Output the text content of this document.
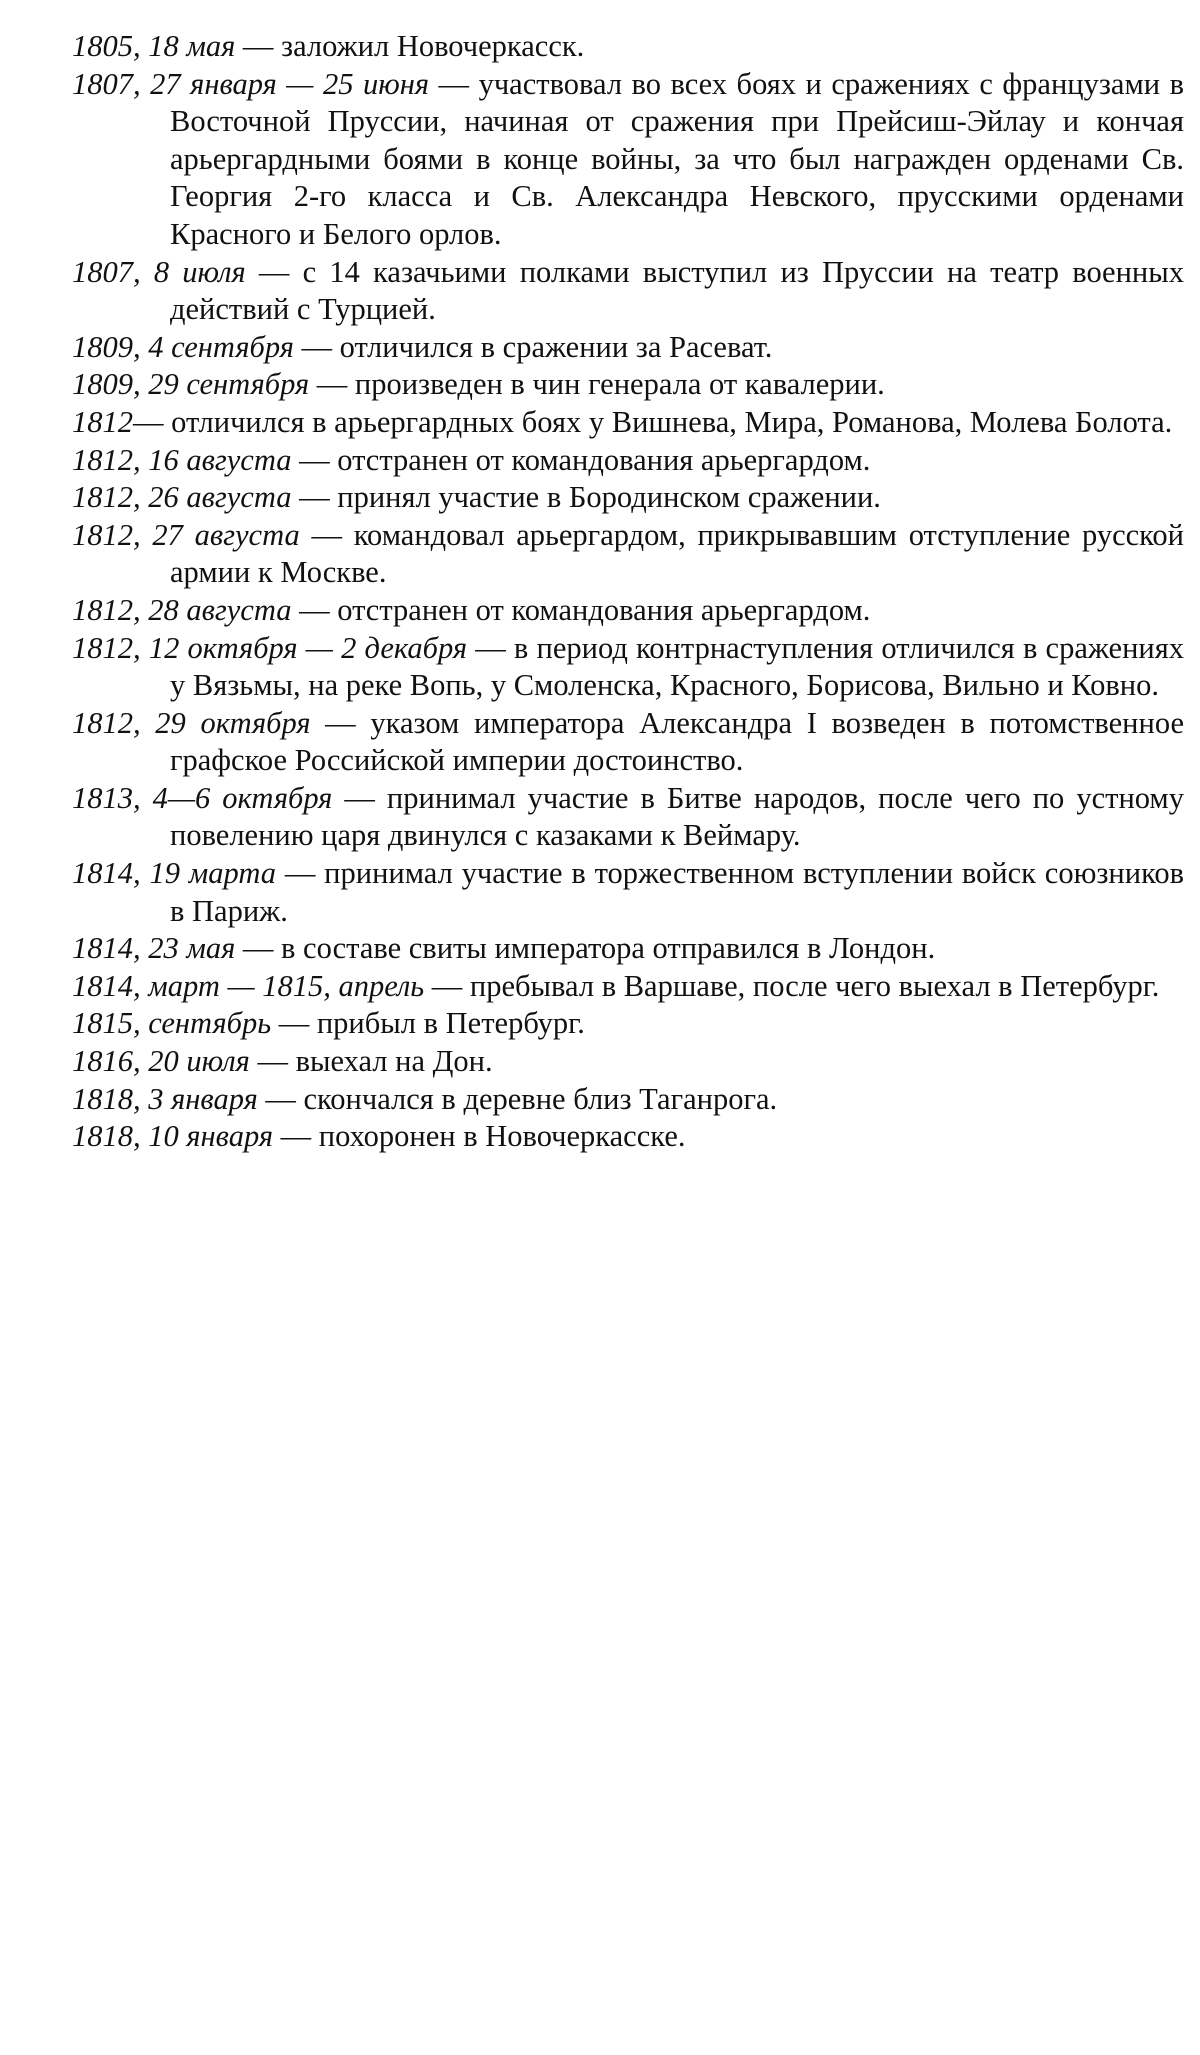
1805, 18 мая — заложил Новочеркасск.

1807, 27 января — 25 июня — участвовал во всех боях и сражениях с французами в Восточной Пруссии, начиная от сражения при Прейсиш-Эйлау и кончая арьергардными боями в конце войны, за что был награжден орденами Св. Георгия 2-го класса и Св. Александра Невского, прусскими орденами Красного и Белого орлов.

1807, 8 июля — с 14 казачьими полками выступил из Пруссии на театр военных действий с Турцией.

1809, 4 сентября — отличился в сражении за Расеват.

1809, 29 сентября — произведен в чин генерала от кавалерии.

1812— отличился в арьергардных боях у Вишнева, Мира, Романова, Молева Болота.

1812, 16 августа — отстранен от командования арьергардом.

1812, 26 августа — принял участие в Бородинском сражении.

1812, 27 августа — командовал арьергардом, прикрывавшим отступление русской армии к Москве.

1812, 28 августа — отстранен от командования арьергардом.

1812, 12 октября — 2 декабря — в период контрнаступления отличился в сражениях у Вязьмы, на реке Вопь, у Смоленска, Красного, Борисова, Вильно и Ковно.

1812, 29 октября — указом императора Александра I возведен в потомственное графское Российской империи достоинство.

1813, 4—6 октября — принимал участие в Битве народов, после чего по устному повелению царя двинулся с казаками к Веймару.

1814, 19 марта — принимал участие в торжественном вступлении войск союзников в Париж.

1814, 23 мая — в составе свиты императора отправился в Лондон.

1814, март — 1815, апрель — пребывал в Варшаве, после чего выехал в Петербург.

1815, сентябрь — прибыл в Петербург.

1816, 20 июля — выехал на Дон.

1818, 3 января — скончался в деревне близ Таганрога.

1818, 10 января — похоронен в Новочеркасске.
